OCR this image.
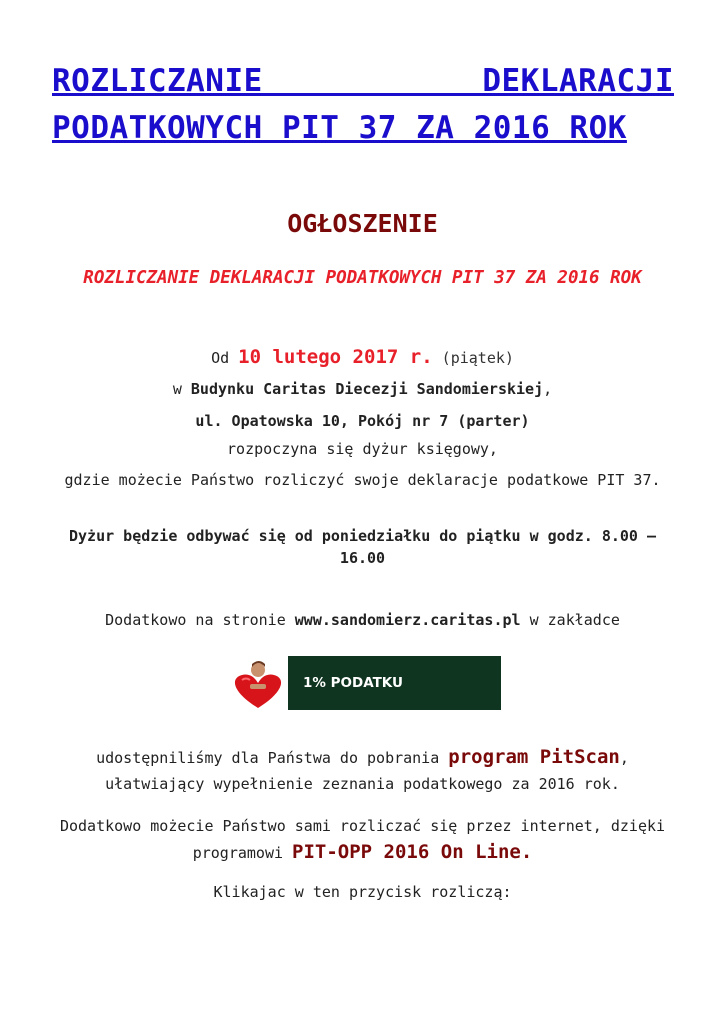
ROZLICZANIE DEKLARACJI PODATKOWYCH PIT 37 ZA 2016 ROK
OGŁOSZENIE
ROZLICZANIE DEKLARACJI PODATKOWYCH PIT 37 ZA 2016 ROK

Od 10 lutego 2017 r. (piątek)

w Budynku Caritas Diecezji Sandomierskiej,

ul. Opatowska 10, Pokój nr 7 (parter)

rozpoczyna się dyżur księgowy,

gdzie możecie Państwo rozliczyć swoje deklaracje podatkowe PIT 37.

Dyżur będzie odbywać się od poniedziałku do piątku w godz. 8.00 – 16.00

Dodatkowo na stronie www.sandomierz.caritas.pl w zakładce

1% PODATKU

udostępniliśmy dla Państwa do pobrania program PitScan, ułatwiający wypełnienie zeznania podatkowego za 2016 rok.

Dodatkowo możecie Państwo sami rozliczać się przez internet, dzięki programowi PIT-OPP 2016 On Line.

Klikajac w ten przycisk rozliczą:
